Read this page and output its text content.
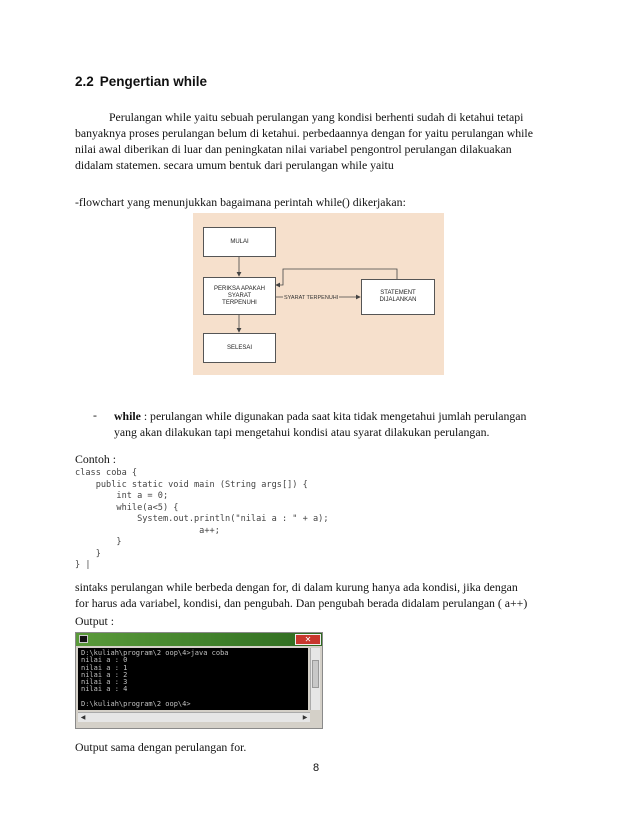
2.2 Pengertian while
Perulangan while yaitu sebuah perulangan yang kondisi berhenti sudah di ketahui tetapi
banyaknya proses perulangan belum di ketahui. perbedaannya dengan for yaitu perulangan while
nilai awal diberikan di luar dan peningkatan nilai variabel pengontrol perulangan dilakuakan
didalam statemen. secara umum bentuk dari perulangan while yaitu
-flowchart yang menunjukkan bagaimana perintah while() dikerjakan:
MULAI
PERIKSA APAKAH
SYARAT
TERPENUHI
STATEMENT
DIJALANKAN
SELESAI
SYARAT TERPENUHI
- while : perulangan while digunakan pada saat kita tidak mengetahui jumlah perulangan
yang akan dilakukan tapi mengetahui kondisi atau syarat dilakukan perulangan.
Contoh :
class coba {
public static void main (String args[]) {
int a = 0;
while(a<5) {
System.out.println("nilai a : " + a);
a++;
}
}
} |
sintaks perulangan while berbeda dengan for, di dalam kurung hanya ada kondisi, jika dengan
for harus ada variabel, kondisi, dan pengubah. Dan pengubah berada didalam perulangan ( a++)
Output :
✕
D:\kuliah\program\2 oop\4>java coba
nilai a : 0
nilai a : 1
nilai a : 2
nilai a : 3
nilai a : 4

D:\kuliah\program\2 oop\4>
◀	▶
Output sama dengan perulangan for.
8
